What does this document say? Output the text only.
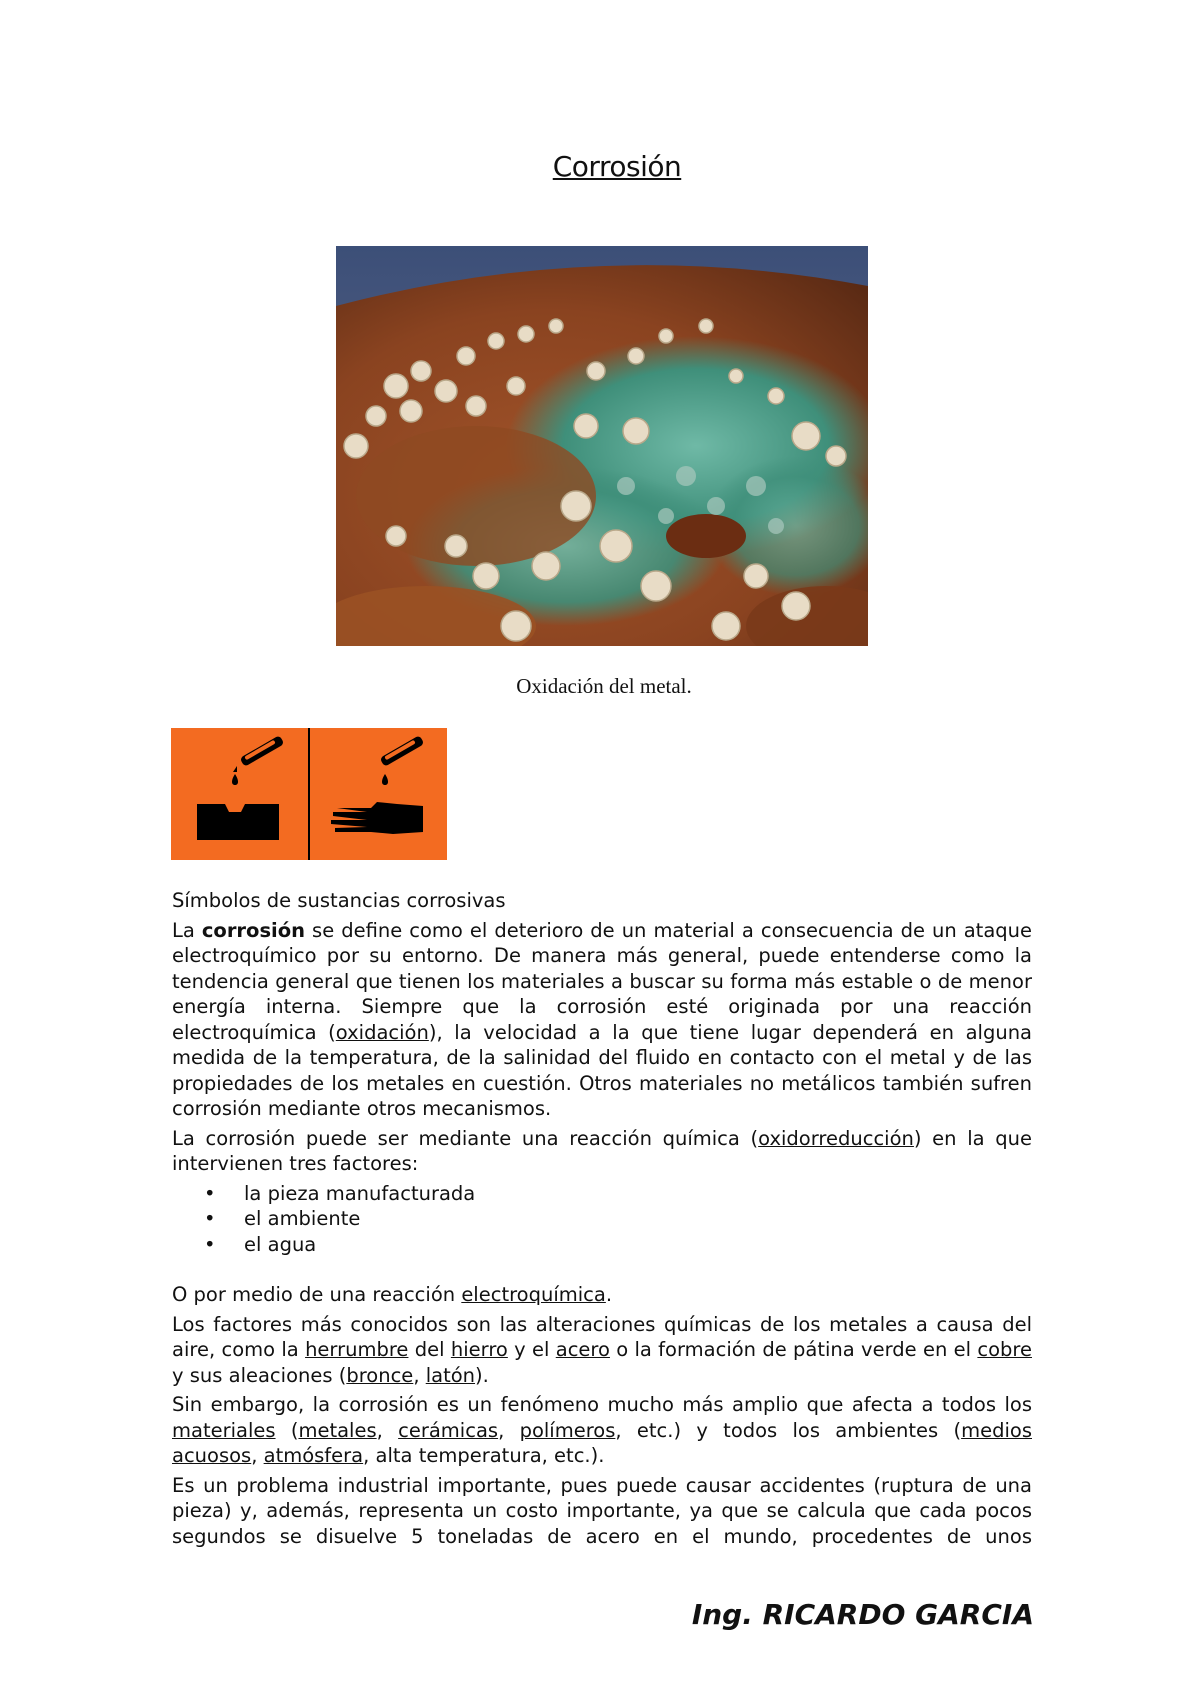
Corrosión
Oxidación del metal.

Símbolos de sustancias corrosivas

La corrosión se define como el deterioro de un material a consecuencia de un ataque electroquímico por su entorno. De manera más general, puede entenderse como la tendencia general que tienen los materiales a buscar su forma más estable o de menor energía interna. Siempre que la corrosión esté originada por una reacción electroquímica (oxidación), la velocidad a la que tiene lugar dependerá en alguna medida de la temperatura, de la salinidad del fluido en contacto con el metal y de las propiedades de los metales en cuestión. Otros materiales no metálicos también sufren corrosión mediante otros mecanismos.

La corrosión puede ser mediante una reacción química (oxidorreducción) en la que intervienen tres factores:

• la pieza manufacturada
• el ambiente
• el agua

O por medio de una reacción electroquímica.

Los factores más conocidos son las alteraciones químicas de los metales a causa del aire, como la herrumbre del hierro y el acero o la formación de pátina verde en el cobre y sus aleaciones (bronce, latón).

Sin embargo, la corrosión es un fenómeno mucho más amplio que afecta a todos los materiales (metales, cerámicas, polímeros, etc.) y todos los ambientes (medios acuosos, atmósfera, alta temperatura, etc.).

Es un problema industrial importante, pues puede causar accidentes (ruptura de una pieza) y, además, representa un costo importante, ya que se calcula que cada pocos segundos se disuelve 5 toneladas de acero en el mundo, procedentes de unos

Ing. RICARDO GARCIA
